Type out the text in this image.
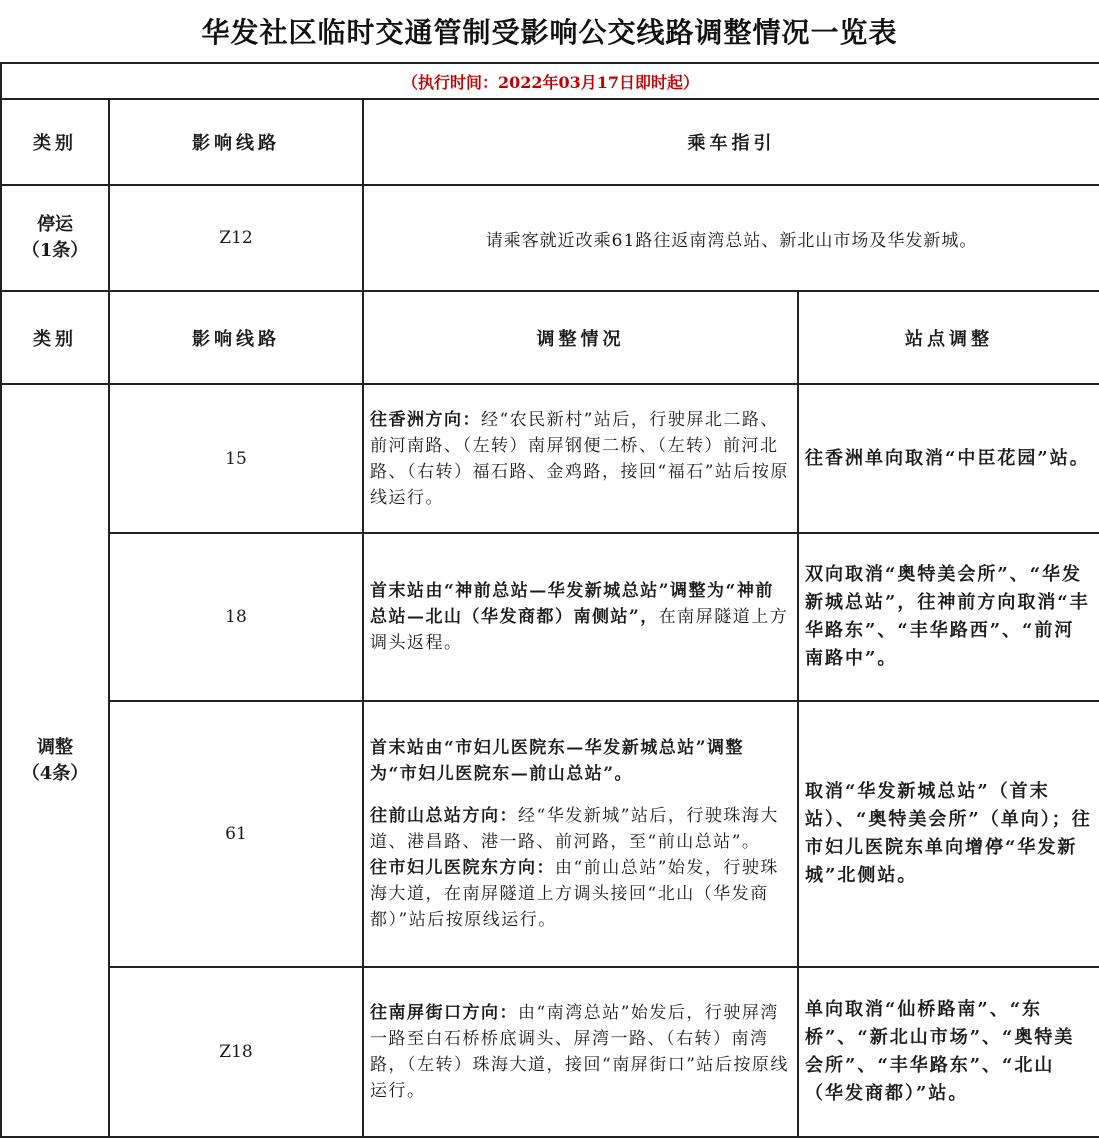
华发社区临时交通管制受影响公交线路调整情况一览表
（执行时间：2022年03月17日即时起）			
类别	影响线路	乘车指引	

停运
（1条）	Z12	请乘客就近改乘61路往返南湾总站、新北山市场及华发新城。	
类别	影响线路	调整情况	站点调整

调整
（4条）	15	往香洲方向：经“农民新村”站后，行驶屏北二路、前河南路、（左转）南屏钢便二桥、（左转）前河北路、（右转）福石路、金鸡路，接回“福石”站后按原线运行。	往香洲单向取消“中臣花园”站。
	18	首末站由“神前总站—华发新城总站”调整为“神前总站—北山（华发商都）南侧站”，在南屏隧道上方调头返程。	双向取消“奥特美会所”、“华发新城总站”，往神前方向取消“丰华路东”、“丰华路西”、“前河南路中”。
	61	首末站由“市妇儿医院东—华发新城总站”调整为“市妇儿医院东—前山总站”。

往前山总站方向：经“华发新城”站后，行驶珠海大道、港昌路、港一路、前河路，至“前山总站”。

往市妇儿医院东方向：由“前山总站”始发，行驶珠海大道，在南屏隧道上方调头接回“北山（华发商都）”站后按原线运行。	取消“华发新城总站”（首末站）、“奥特美会所”（单向）；往市妇儿医院东单向增停“华发新城”北侧站。
	Z18	往南屏街口方向：由“南湾总站”始发后，行驶屏湾一路至白石桥桥底调头、屏湾一路、（右转）南湾路，（左转）珠海大道，接回“南屏街口”站后按原线运行。	单向取消“仙桥路南”、“东桥”、“新北山市场”、“奥特美会所”、“丰华路东”、“北山（华发商都）”站。
